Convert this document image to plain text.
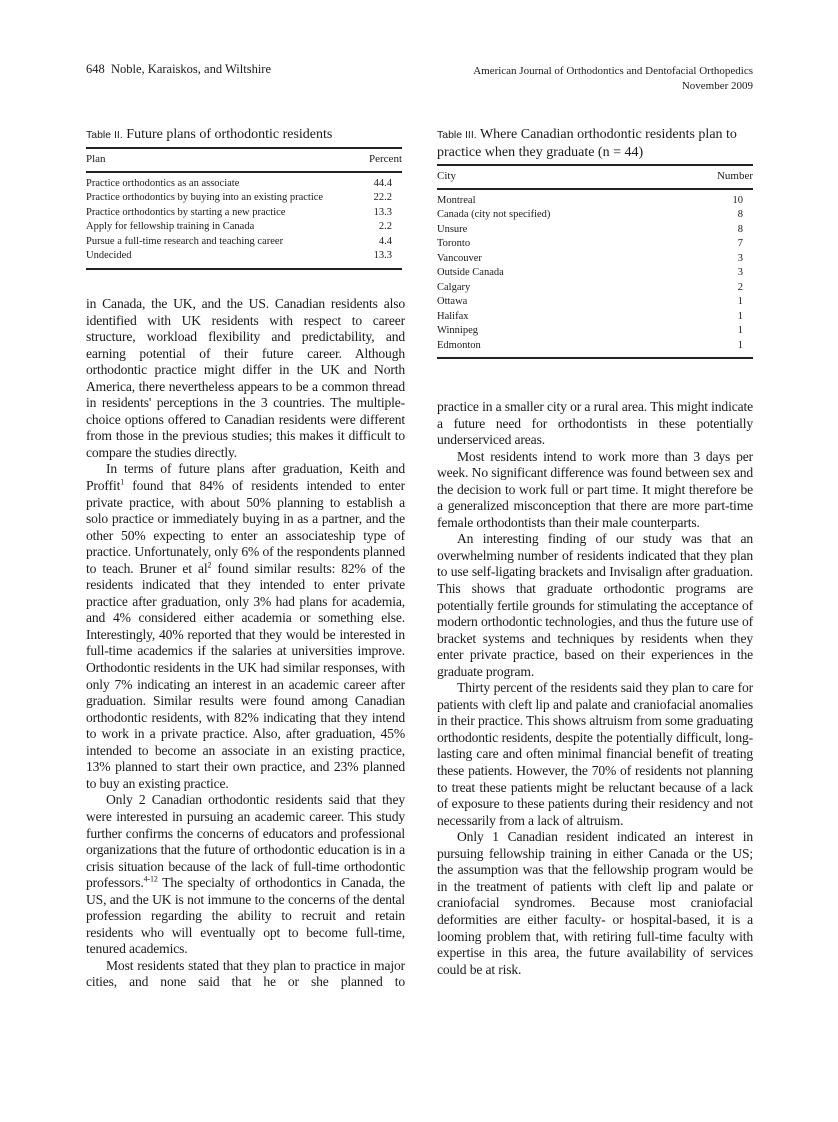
648 Noble, Karaiskos, and Wiltshire	American Journal of Orthodontics and Dentofacial Orthopedics
November 2009
Table II. Future plans of orthodontic residents
Plan	Percent
Practice orthodontics as an associate	44.4
Practice orthodontics by buying into an existing practice	22.2
Practice orthodontics by starting a new practice	13.3
Apply for fellowship training in Canada	2.2
Pursue a full-time research and teaching career	4.4
Undecided	13.3
Table III. Where Canadian orthodontic residents plan to practice when they graduate (n = 44)
City	Number
Montreal	10
Canada (city not specified)	8
Unsure	8
Toronto	7
Vancouver	3
Outside Canada	3
Calgary	2
Ottawa	1
Halifax	1
Winnipeg	1
Edmonton	1

in Canada, the UK, and the US. Canadian residents also identified with UK residents with respect to career structure, workload flexibility and predictability, and earning potential of their future career. Although orthodontic practice might differ in the UK and North America, there nevertheless appears to be a common thread in residents' perceptions in the 3 countries. The multiple-choice options offered to Canadian residents were different from those in the previous studies; this makes it difficult to compare the studies directly.

In terms of future plans after graduation, Keith and Proffit$^1$ found that 84% of residents intended to enter private practice, with about 50% planning to establish a solo practice or immediately buying in as a partner, and the other 50% expecting to enter an associateship type of practice. Unfortunately, only 6% of the respondents planned to teach. Bruner et $al^2$ found similar results: 82% of the residents indicated that they intended to enter private practice after graduation, only 3% had plans for academia, and 4% considered either academia or something else. Interestingly, 40% reported that they would be interested in full-time academics if the salaries at universities improve. Orthodontic residents in the UK had similar responses, with only 7% indicating an interest in an academic career after graduation. Similar results were found among Canadian orthodontic residents, with 82% indicating that they intend to work in a private practice. Also, after graduation, 45% intended to become an associate in an existing practice, 13% planned to start their own practice, and 23% planned to buy an existing practice.

Only 2 Canadian orthodontic residents said that they were interested in pursuing an academic career. This study further confirms the concerns of educators and professional organizations that the future of orthodontic education is in a crisis situation because of the lack of full-time orthodontic professors.$^{4-12}$ The specialty of orthodontics in Canada, the US, and the UK is not immune to the concerns of the dental profession regarding the ability to recruit and retain residents who will eventually opt to become full-time, tenured academics.

Most residents stated that they plan to practice in major cities, and none said that he or she planned to

practice in a smaller city or a rural area. This might indicate a future need for orthodontists in these potentially underserviced areas.

Most residents intend to work more than 3 days per week. No significant difference was found between sex and the decision to work full or part time. It might therefore be a generalized misconception that there are more part-time female orthodontists than their male counterparts.

An interesting finding of our study was that an overwhelming number of residents indicated that they plan to use self-ligating brackets and Invisalign after graduation. This shows that graduate orthodontic programs are potentially fertile grounds for stimulating the acceptance of modern orthodontic technologies, and thus the future use of bracket systems and techniques by residents when they enter private practice, based on their experiences in the graduate program.

Thirty percent of the residents said they plan to care for patients with cleft lip and palate and craniofacial anomalies in their practice. This shows altruism from some graduating orthodontic residents, despite the potentially difficult, long-lasting care and often minimal financial benefit of treating these patients. However, the 70% of residents not planning to treat these patients might be reluctant because of a lack of exposure to these patients during their residency and not necessarily from a lack of altruism.

Only 1 Canadian resident indicated an interest in pursuing fellowship training in either Canada or the US; the assumption was that the fellowship program would be in the treatment of patients with cleft lip and palate or craniofacial syndromes. Because most craniofacial deformities are either faculty- or hospital-based, it is a looming problem that, with retiring full-time faculty with expertise in this area, the future availability of services could be at risk.
